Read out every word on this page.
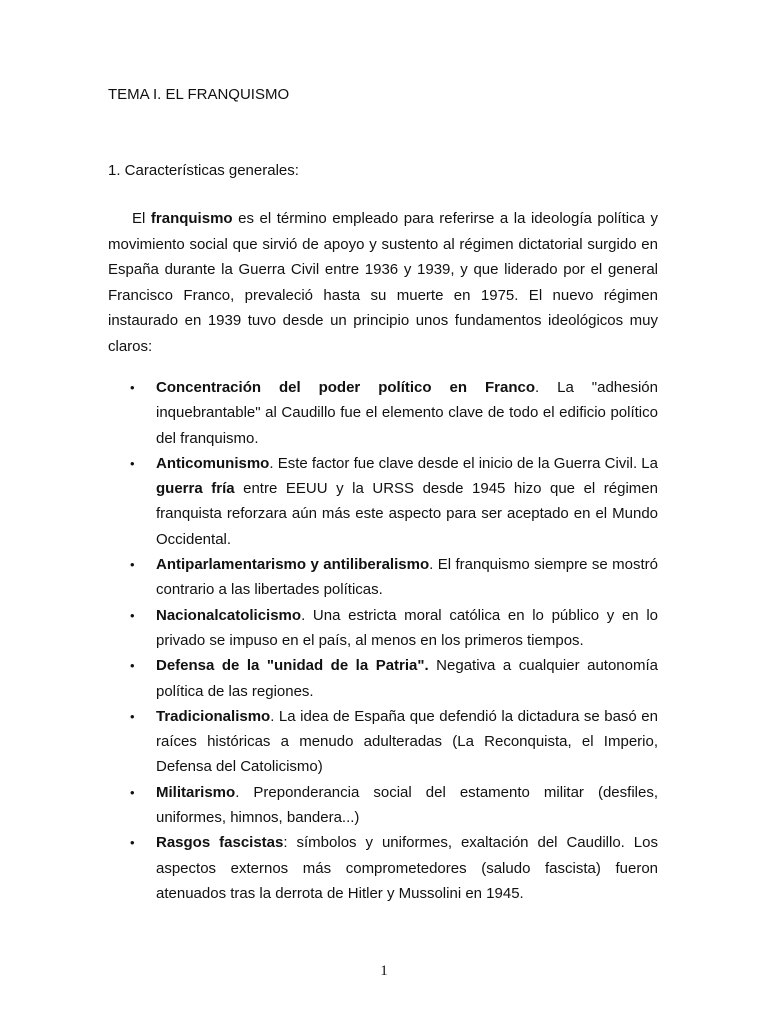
TEMA I. EL FRANQUISMO
1. Características generales:

El franquismo es el término empleado para referirse a la ideología política y movimiento social que sirvió de apoyo y sustento al régimen dictatorial surgido en España durante la Guerra Civil entre 1936 y 1939, y que liderado por el general Francisco Franco, prevaleció hasta su muerte en 1975. El nuevo régimen instaurado en 1939 tuvo desde un principio unos fundamentos ideológicos muy claros:

• Concentración del poder político en Franco. La "adhesión inquebrantable" al Caudillo fue el elemento clave de todo el edificio político del franquismo.
• Anticomunismo. Este factor fue clave desde el inicio de la Guerra Civil. La guerra fría entre EEUU y la URSS desde 1945 hizo que el régimen franquista reforzara aún más este aspecto para ser aceptado en el Mundo Occidental.
• Antiparlamentarismo y antiliberalismo. El franquismo siempre se mostró contrario a las libertades políticas.
• Nacionalcatolicismo. Una estricta moral católica en lo público y en lo privado se impuso en el país, al menos en los primeros tiempos.
• Defensa de la "unidad de la Patria". Negativa a cualquier autonomía política de las regiones.
• Tradicionalismo. La idea de España que defendió la dictadura se basó en raíces históricas a menudo adulteradas (La Reconquista, el Imperio, Defensa del Catolicismo)
• Militarismo. Preponderancia social del estamento militar (desfiles, uniformes, himnos, bandera...)
• Rasgos fascistas: símbolos y uniformes, exaltación del Caudillo. Los aspectos externos más comprometedores (saludo fascista) fueron atenuados tras la derrota de Hitler y Mussolini en 1945.
1
